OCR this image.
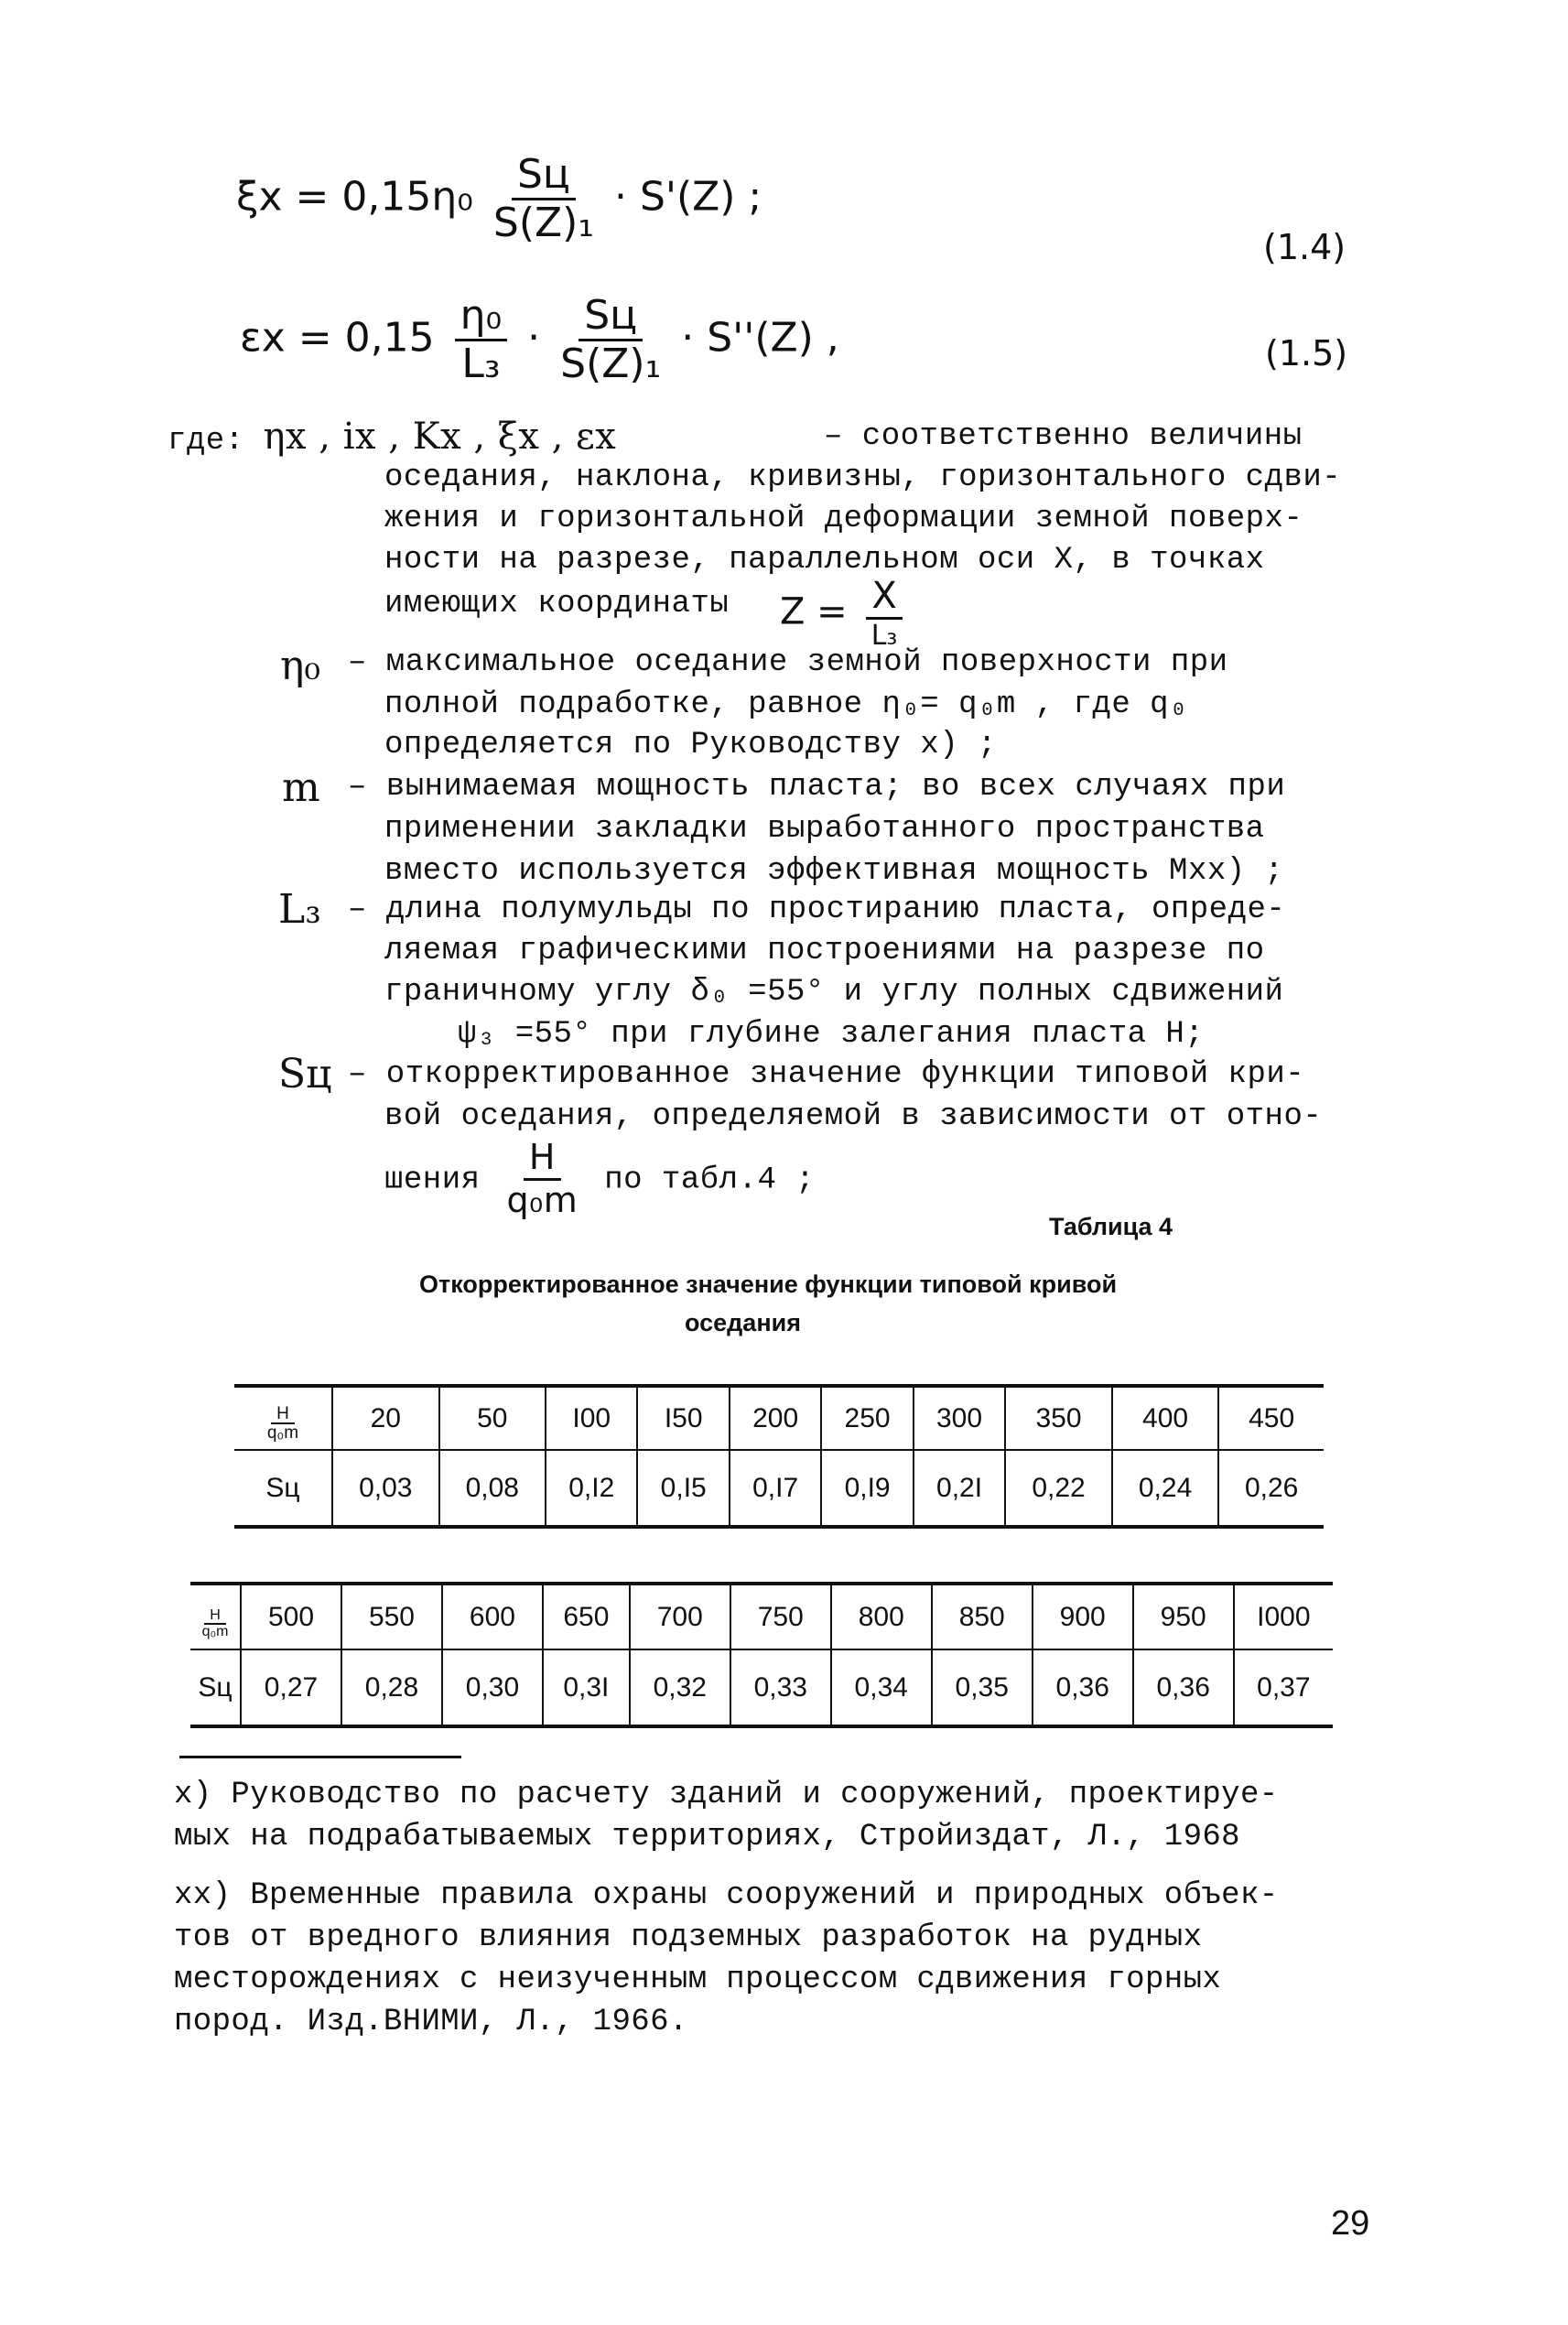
$\xi x = 0,15\eta_0 \frac{Sц}{\text{S(Z)₁}} \cdot S'(Z)$ ;
(1.4)
$\varepsilon x = 0,15 \frac{\text{η₀}}{\text{L₃}} \cdot \frac{Sц}{\text{S(Z)₁}} \cdot S''(Z)$ ,	(1.5)
где: ηx , ix , Kx , ξx , εx	– соответственно величины
оседания, наклона, кривизны, горизонтального сдви-
жения и горизонтальной деформации земной поверх-
ности на разрезе, параллельном оси X, в точках
имеющих координаты $Z = \frac{X}{\text{L₃}}$
η₀ – максимальное оседание земной поверхности при
полной подработке, равное η₀= q₀m , где q₀
определяется по Руководству x) ;
m – вынимаемая мощность пласта; во всех случаях при
применении закладки выработанного пространства
вместо используется эффективная мощность Mxx) ;
L₃ – длина полумульды по простиранию пласта, опреде-
ляемая графическими построениями на разрезе по
граничному углу δ₀ =55° и углу полных сдвижений
ψ₃ =55° при глубине залегания пласта H;
Sц – откорректированное значение функции типовой кри-
вой оседания, определяемой в зависимости от отно-
шения $\frac{H}{\text{q₀m}}$ по табл.4 ;
Таблица 4
Откорректированное значение функции типовой кривой
оседания
$\frac{H}{\text{q₀m}}$	20	50	I00	I50	200	250	300	350	400	450
Sц	0,03	0,08	0,I2	0,I5	0,I7	0,I9	0,2I	0,22	0,24	0,26
$\frac{H}{\text{q₀m}}$	500	550	600	650	700	750	800	850	900	950	I000
Sц	0,27	0,28	0,30	0,3I	0,32	0,33	0,34	0,35	0,36	0,36	0,37
x) Руководство по расчету зданий и сооружений, проектируе-
мых на подрабатываемых территориях, Стройиздат, Л., 1968
xx) Временные правила охраны сооружений и природных объек-
тов от вредного влияния подземных разработок на рудных
месторождениях с неизученным процессом сдвижения горных
пород. Изд.ВНИМИ, Л., 1966.
29
